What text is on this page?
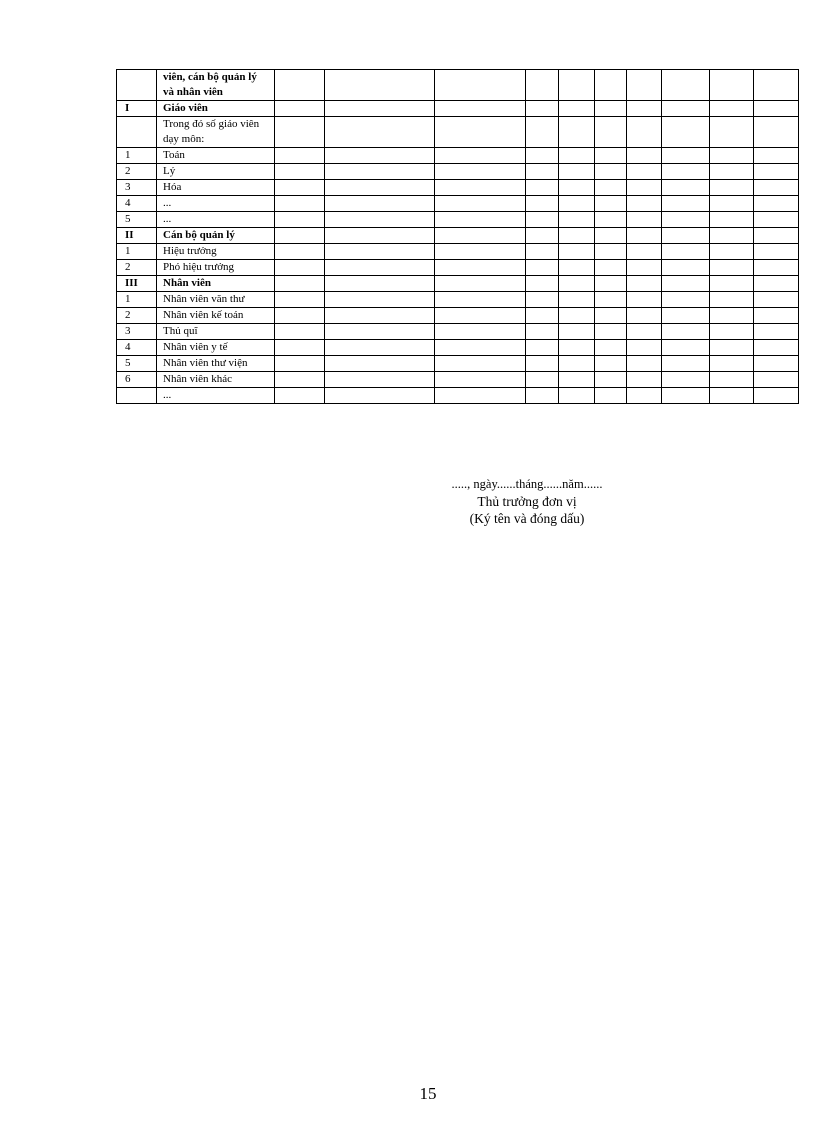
	viên, cán bộ quản lý và nhân viên										
I	Giáo viên										
	Trong đó số giáo viên dạy môn:										
1	Toán										
2	Lý										
3	Hóa										
4	...										
5	...										
II	Cán bộ quản lý										
1	Hiệu trưởng										
2	Phó hiệu trưởng										
III	Nhân viên										
1	Nhân viên văn thư										
2	Nhân viên kế toán										
3	Thủ quĩ										
4	Nhân viên y tế										
5	Nhân viên thư viện										
6	Nhân viên khác										
	...										
....., ngày......tháng......năm......
Thủ trưởng đơn vị
(Ký tên và đóng dấu)
15
